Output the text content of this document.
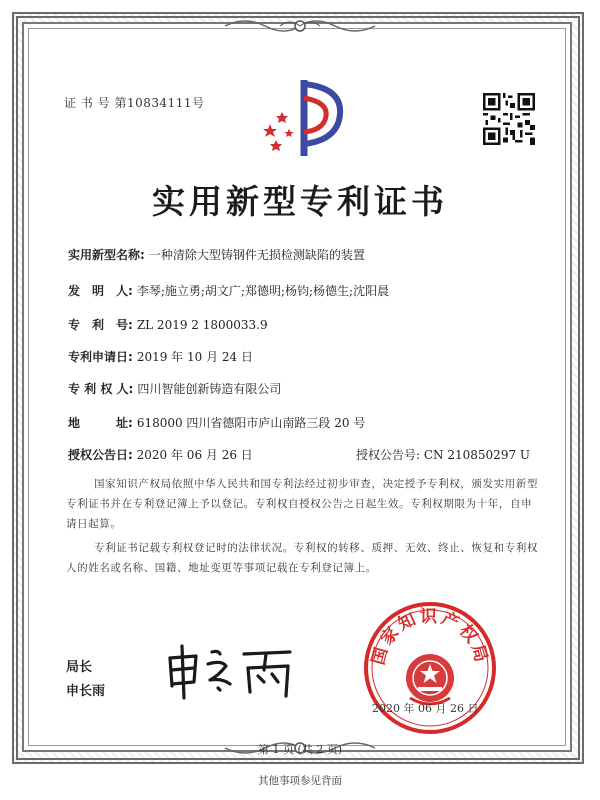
证 书 号 第10834111号
实用新型专利证书
实用新型名称: 一种清除大型铸钢件无损检测缺陷的装置
发　明　人: 李琴;施立勇;胡文广;郑德明;杨钧;杨德生;沈阳晨
专　利　号: ZL 2019 2 1800033.9
专利申请日: 2019 年 10 月 24 日
专 利 权 人: 四川智能创新铸造有限公司
地　　　址: 618000 四川省德阳市庐山南路三段 20 号
授权公告日: 2020 年 06 月 26 日	授权公告号: CN 210850297 U
国家知识产权局依照中华人民共和国专利法经过初步审查，决定授予专利权，颁发实用新型专利证书并在专利登记簿上予以登记。专利权自授权公告之日起生效。专利权期限为十年，自申请日起算。
专利证书记载专利权登记时的法律状况。专利权的转移、质押、无效、终止、恢复和专利权人的姓名或名称、国籍、地址变更等事项记载在专利登记簿上。
局长
申长雨
国家知识产权局
2020 年 06 月 26 日
第 1 页 (共 2 页)
其他事项参见背面
